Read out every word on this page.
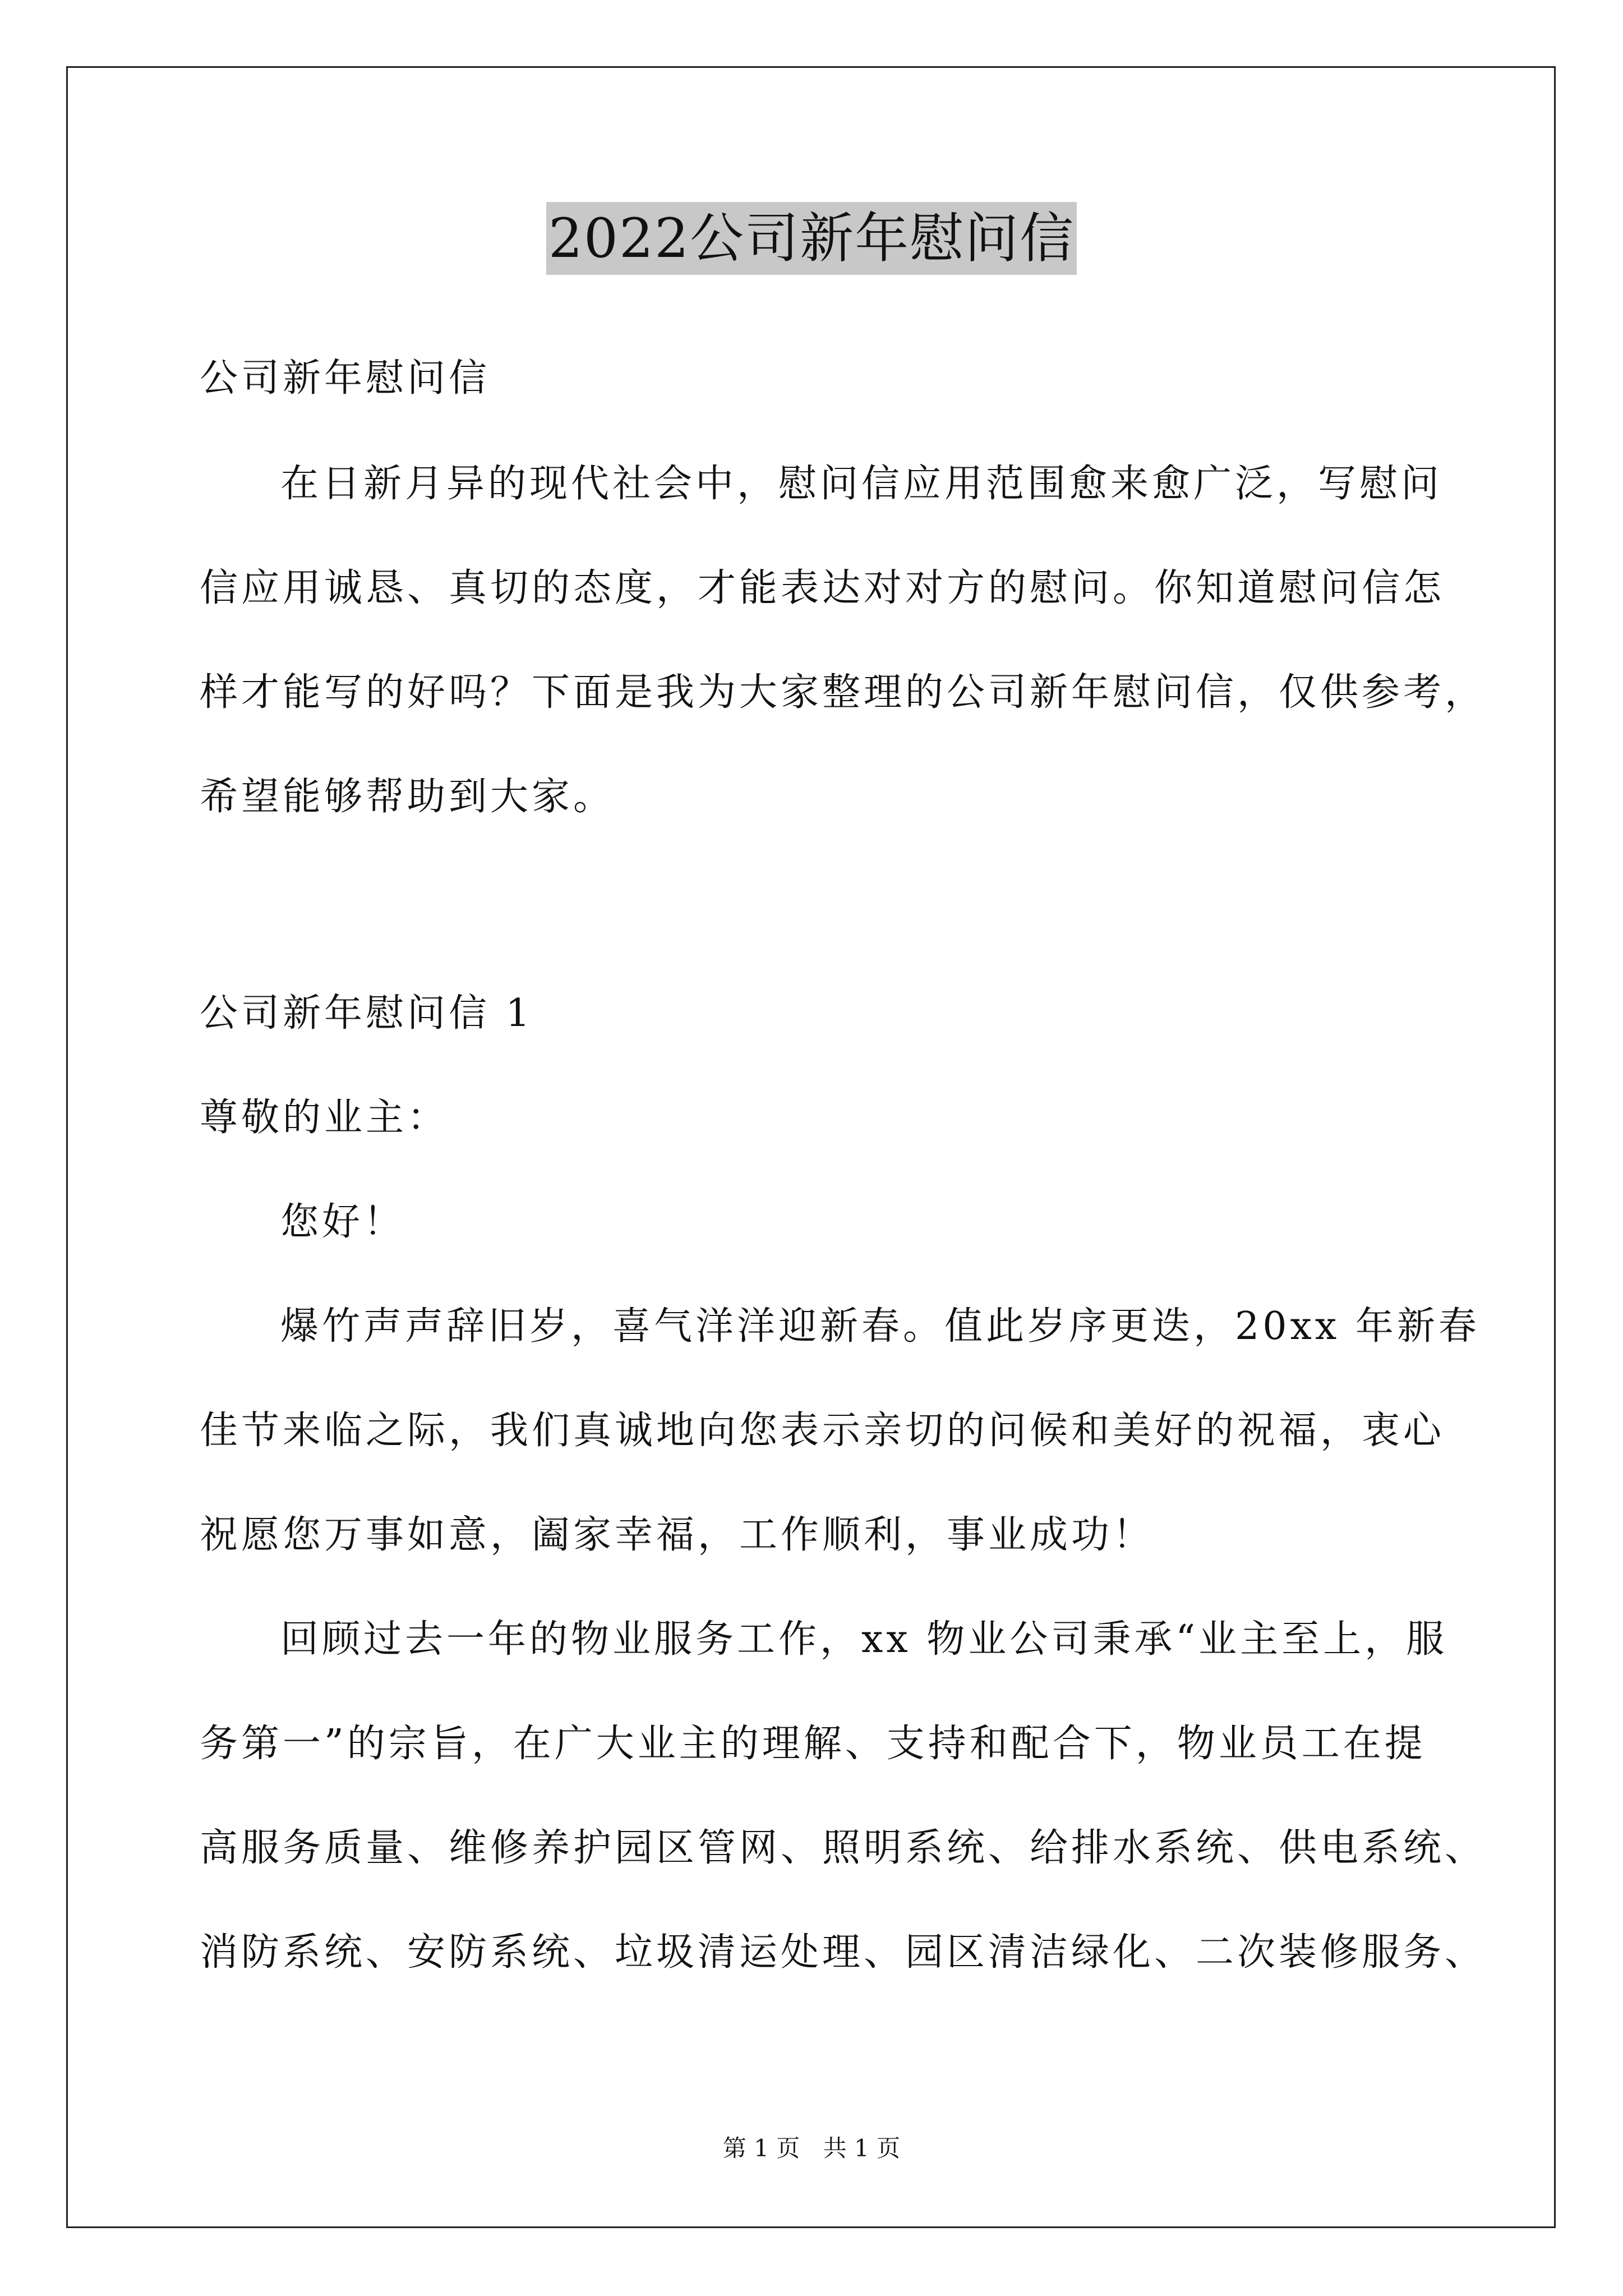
2022公司新年慰问信
公司新年慰问信
在日新月异的现代社会中，慰问信应用范围愈来愈广泛，写慰问
信应用诚恳、真切的态度，才能表达对对方的慰问。你知道慰问信怎
样才能写的好吗？下面是我为大家整理的公司新年慰问信，仅供参考，
希望能够帮助到大家。
公司新年慰问信 1
尊敬的业主：
您好！
爆竹声声辞旧岁，喜气洋洋迎新春。值此岁序更迭，20xx 年新春
佳节来临之际，我们真诚地向您表示亲切的问候和美好的祝福，衷心
祝愿您万事如意，阖家幸福，工作顺利，事业成功！
回顾过去一年的物业服务工作，xx 物业公司秉承“业主至上，服
务第一”的宗旨，在广大业主的理解、支持和配合下，物业员工在提
高服务质量、维修养护园区管网、照明系统、给排水系统、供电系统、
消防系统、安防系统、垃圾清运处理、园区清洁绿化、二次装修服务、
第 1 页 共 1 页
